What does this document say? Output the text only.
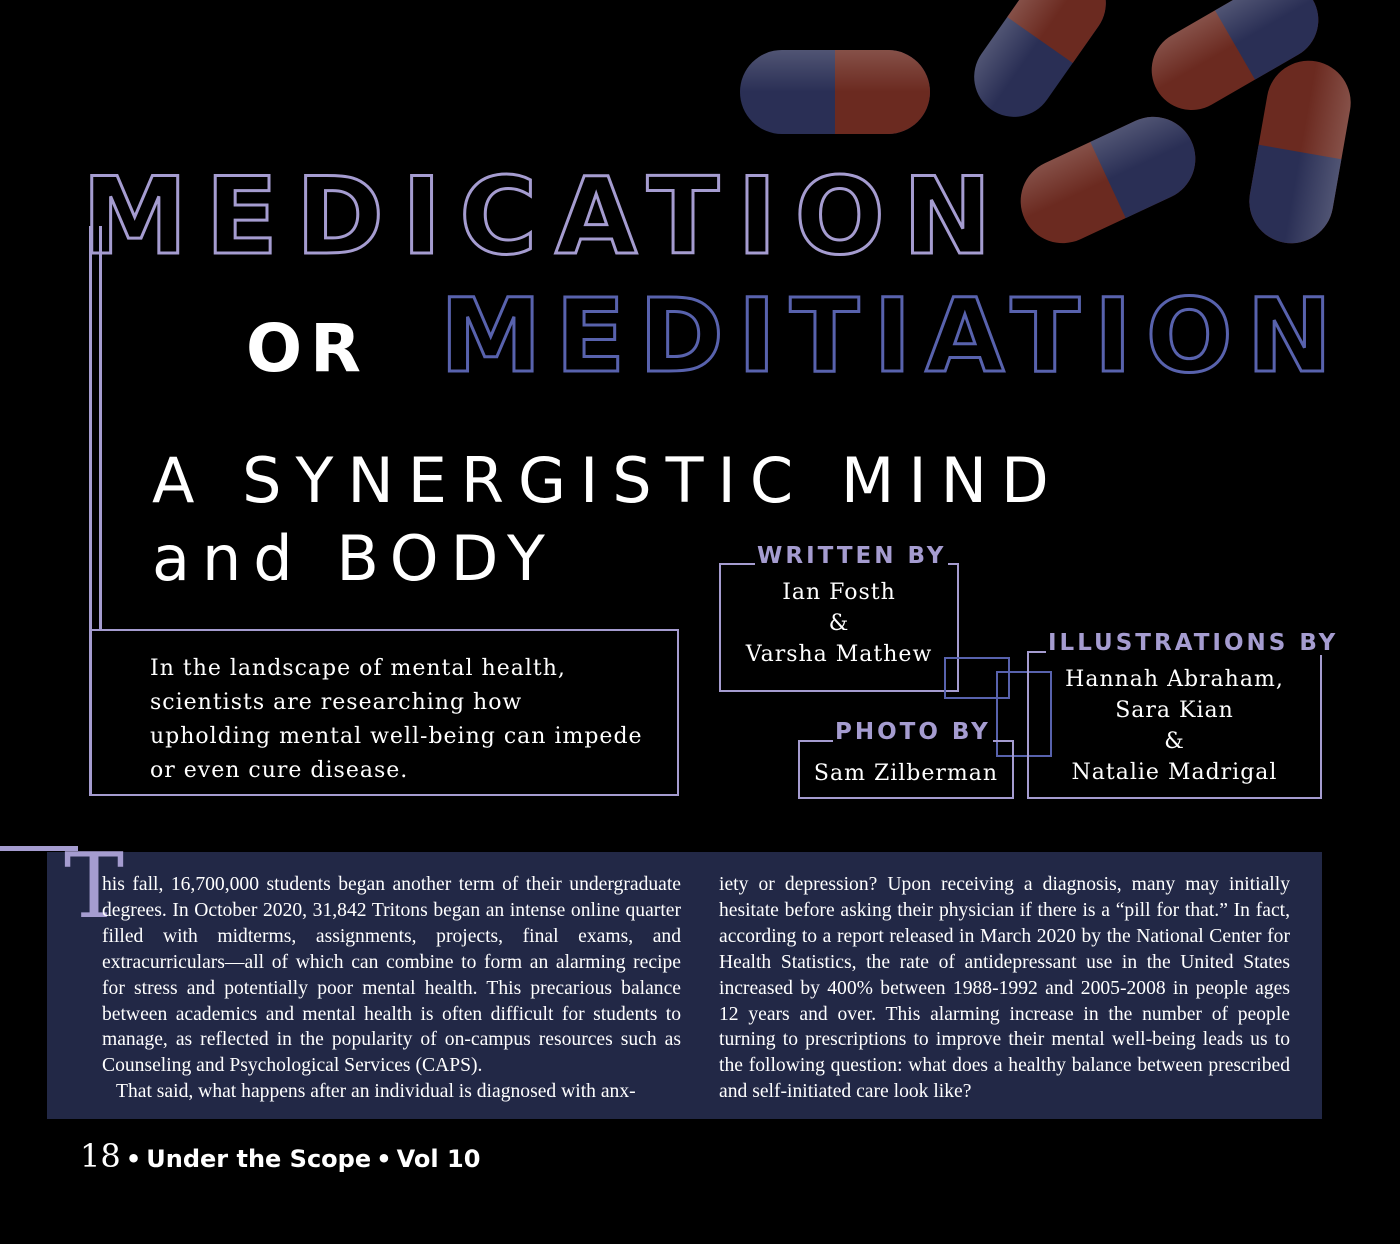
MEDICATION
OR MEDITIATION
A SYNERGISTIC MIND
and BODY
In the landscape of mental health, scientists are researching how upholding mental well-being can impede or even cure disease.
WRITTEN BY
Ian Fosth
&
Varsha Mathew
PHOTO BY
Sam Zilberman
ILLUSTRATIONS BY
Hannah Abraham,
Sara Kian
&
Natalie Madrigal
T

his fall, 16,700,000 students began another term of their undergraduate degrees. In October 2020, 31,842 Tritons began an intense online quarter filled with midterms, assignments, projects, final exams, and extracurriculars—all of which can combine to form an alarming recipe for stress and potentially poor mental health. This precarious balance between academics and mental health is often difficult for students to manage, as reflected in the popularity of on-campus resources such as Counseling and Psychological Services (CAPS).

That said, what happens after an individual is diagnosed with anx-

iety or depression? Upon receiving a diagnosis, many may initially hesitate before asking their physician if there is a “pill for that.” In fact, according to a report released in March 2020 by the National Center for Health Statistics, the rate of antidepressant use in the United States increased by 400% between 1988-1992 and 2005-2008 in people ages 12 years and over. This alarming increase in the number of people turning to prescriptions to improve their mental well-being leads us to the following question: what does a healthy balance between prescribed and self-initiated care look like?

18 • Under the Scope • Vol 10
